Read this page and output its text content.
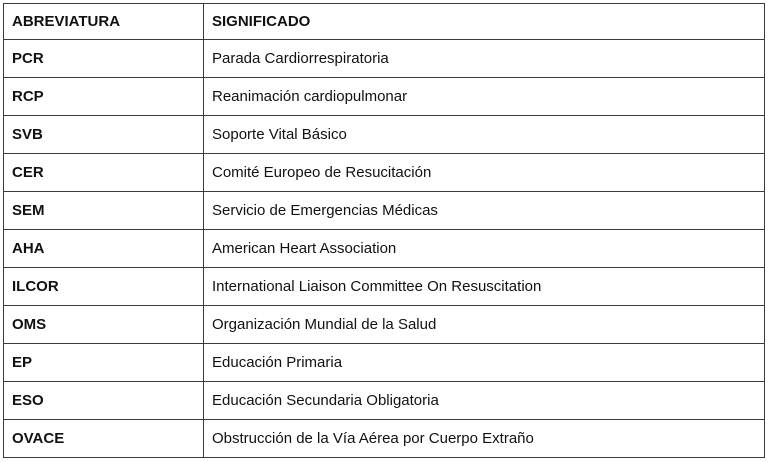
ABREVIATURA	SIGNIFICADO
PCR	Parada Cardiorrespiratoria
RCP	Reanimación cardiopulmonar
SVB	Soporte Vital Básico
CER	Comité Europeo de Resucitación
SEM	Servicio de Emergencias Médicas
AHA	American Heart Association
ILCOR	International Liaison Committee On Resuscitation
OMS	Organización Mundial de la Salud
EP	Educación Primaria
ESO	Educación Secundaria Obligatoria
OVACE	Obstrucción de la Vía Aérea por Cuerpo Extraño
